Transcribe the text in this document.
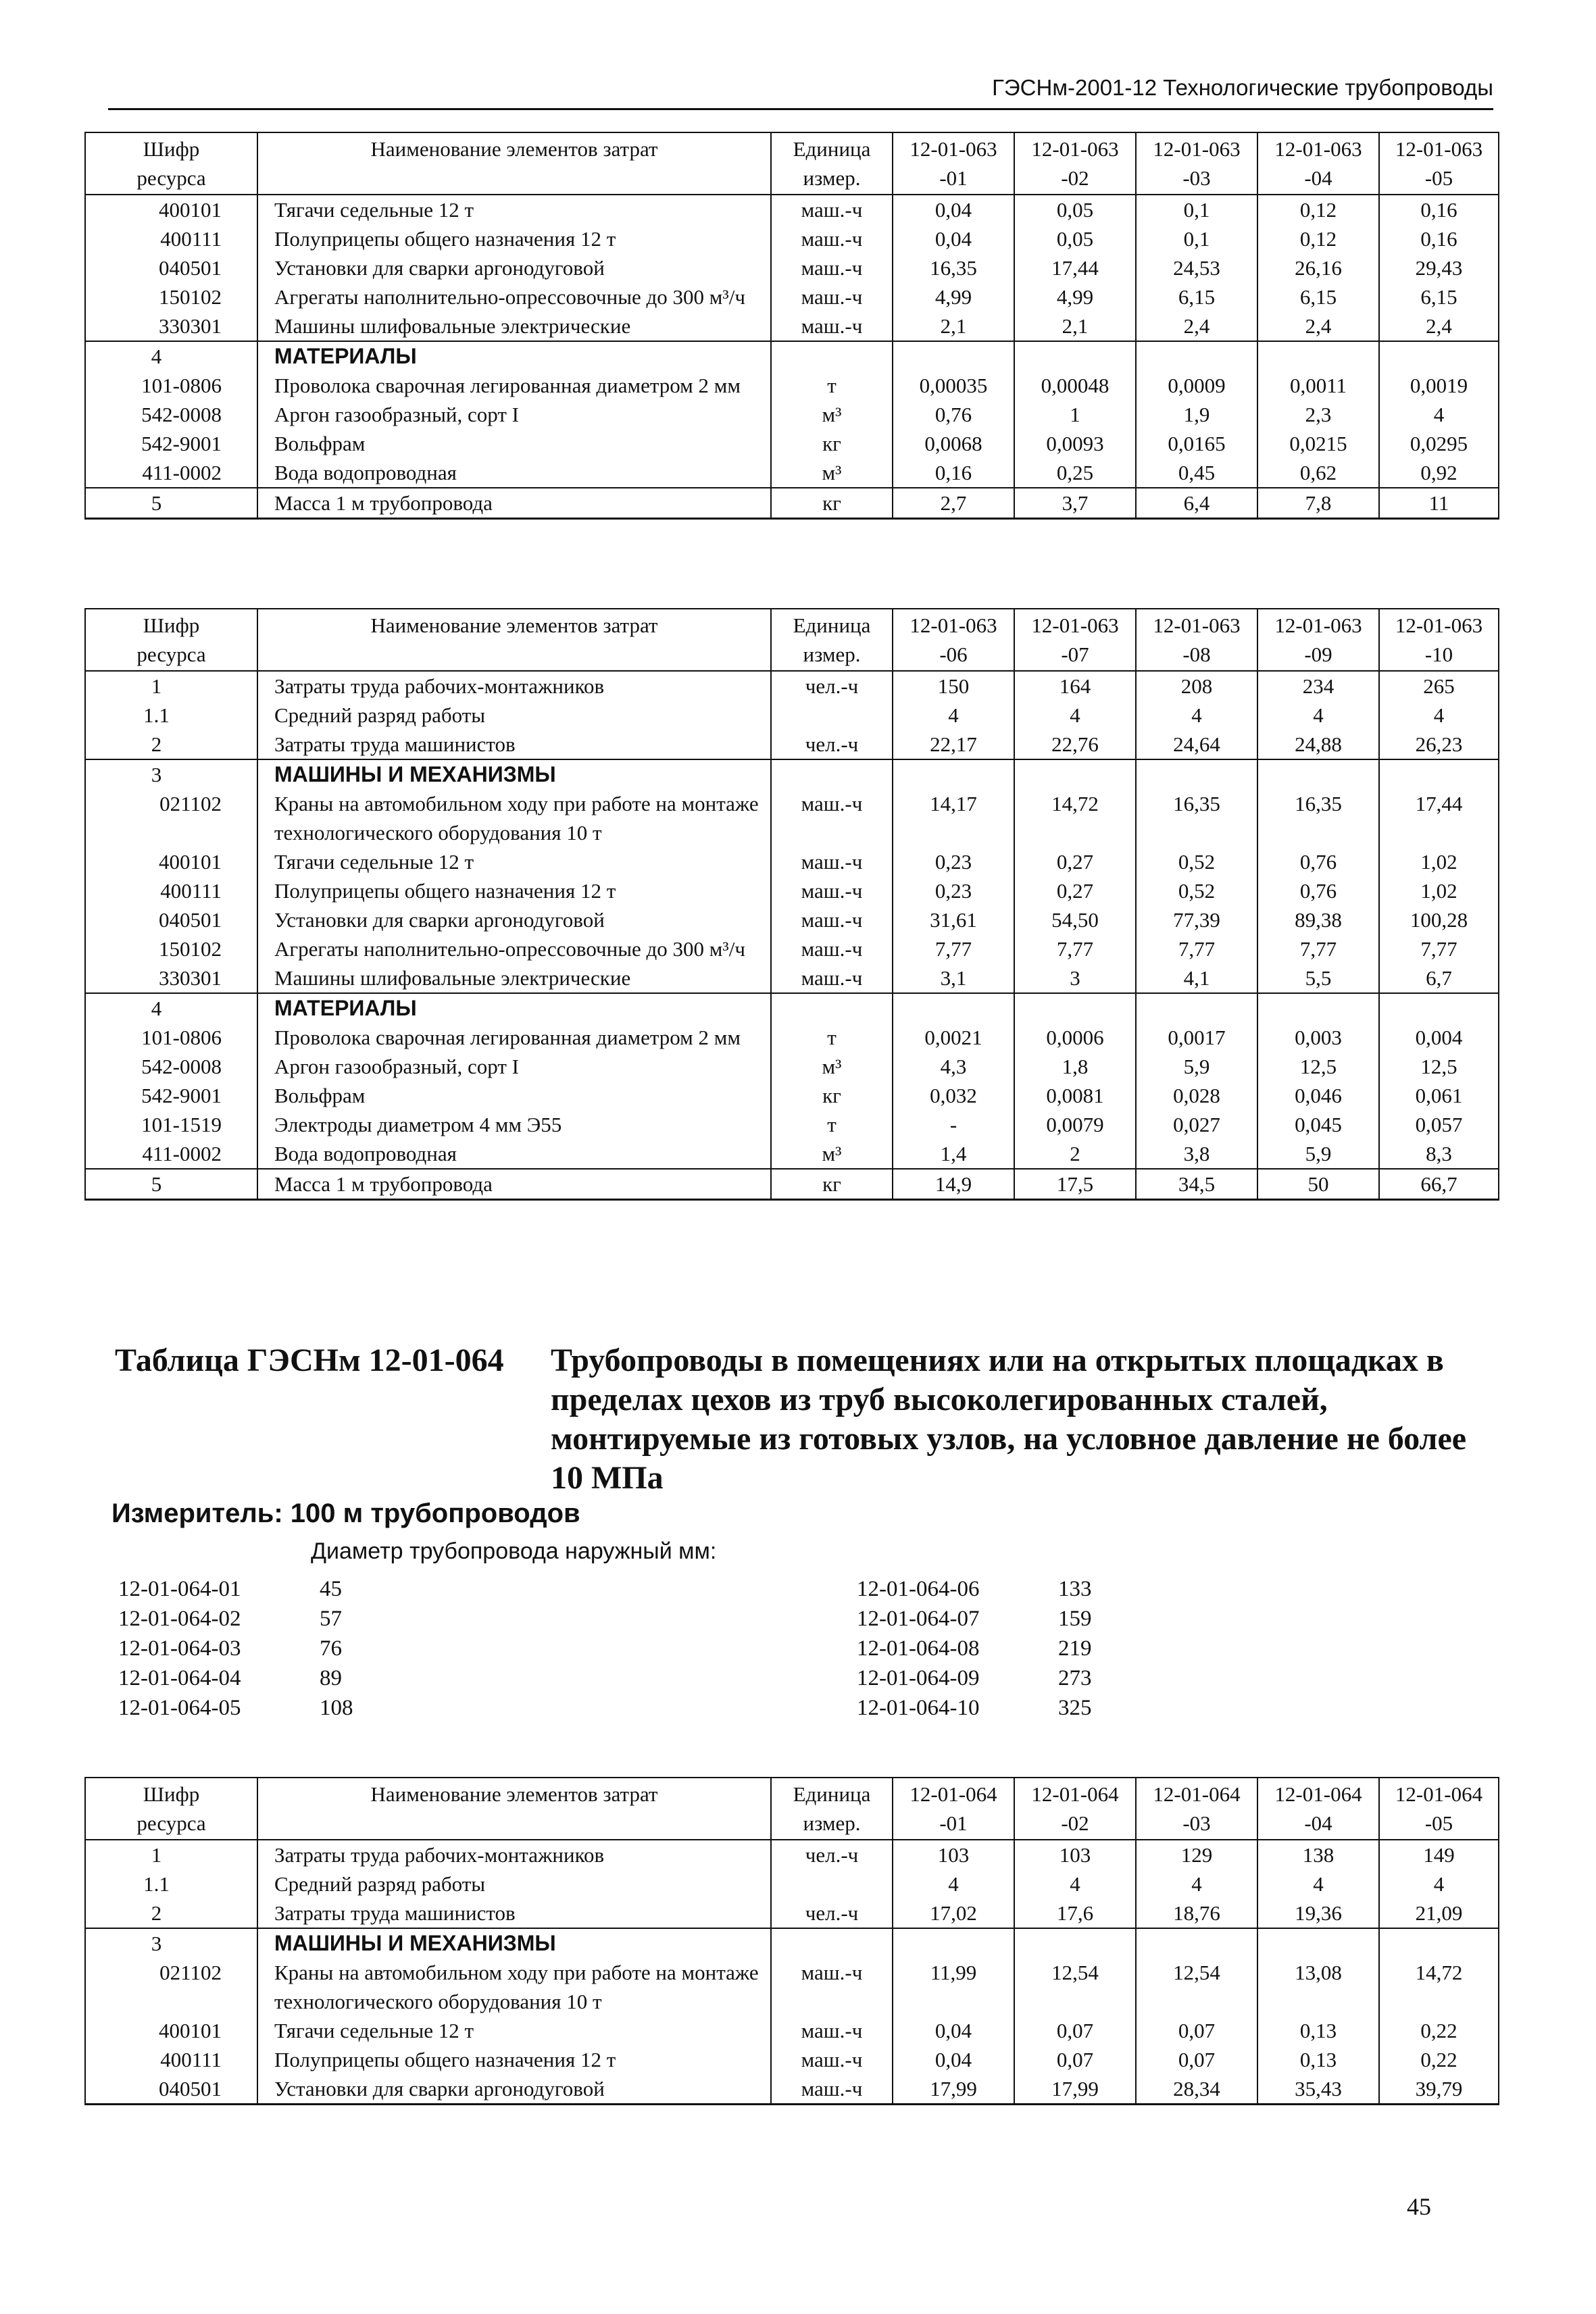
ГЭСНм-2001-12 Технологические трубопроводы
Шифр ресурса	Наименование элементов затрат	Единица измер.	12-01-063-01	12-01-063-02	12-01-063-03	12-01-063-04	12-01-063-05
400101	Тягачи седельные 12 т	маш.-ч	0,04	0,05	0,1	0,12	0,16
400111	Полуприцепы общего назначения 12 т	маш.-ч	0,04	0,05	0,1	0,12	0,16
040501	Установки для сварки аргонодуговой	маш.-ч	16,35	17,44	24,53	26,16	29,43
150102	Агрегаты наполнительно-опрессовочные до 300 м³/ч	маш.-ч	4,99	4,99	6,15	6,15	6,15
330301	Машины шлифовальные электрические	маш.-ч	2,1	2,1	2,4	2,4	2,4
4	МАТЕРИАЛЫ						
101-0806	Проволока сварочная легированная диаметром 2 мм	т	0,00035	0,00048	0,0009	0,0011	0,0019
542-0008	Аргон газообразный, сорт I	м³	0,76	1	1,9	2,3	4
542-9001	Вольфрам	кг	0,0068	0,0093	0,0165	0,0215	0,0295
411-0002	Вода водопроводная	м³	0,16	0,25	0,45	0,62	0,92
5	Масса 1 м трубопровода	кг	2,7	3,7	6,4	7,8	11
Шифр ресурса	Наименование элементов затрат	Единица измер.	12-01-063-06	12-01-063-07	12-01-063-08	12-01-063-09	12-01-063-10
1	Затраты труда рабочих-монтажников	чел.-ч	150	164	208	234	265
1.1	Средний разряд работы		4	4	4	4	4
2	Затраты труда машинистов	чел.-ч	22,17	22,76	24,64	24,88	26,23
3	МАШИНЫ И МЕХАНИЗМЫ						
021102	Краны на автомобильном ходу при работе на монтаже технологического оборудования 10 т	маш.-ч	14,17	14,72	16,35	16,35	17,44
400101	Тягачи седельные 12 т	маш.-ч	0,23	0,27	0,52	0,76	1,02
400111	Полуприцепы общего назначения 12 т	маш.-ч	0,23	0,27	0,52	0,76	1,02
040501	Установки для сварки аргонодуговой	маш.-ч	31,61	54,50	77,39	89,38	100,28
150102	Агрегаты наполнительно-опрессовочные до 300 м³/ч	маш.-ч	7,77	7,77	7,77	7,77	7,77
330301	Машины шлифовальные электрические	маш.-ч	3,1	3	4,1	5,5	6,7
4	МАТЕРИАЛЫ						
101-0806	Проволока сварочная легированная диаметром 2 мм	т	0,0021	0,0006	0,0017	0,003	0,004
542-0008	Аргон газообразный, сорт I	м³	4,3	1,8	5,9	12,5	12,5
542-9001	Вольфрам	кг	0,032	0,0081	0,028	0,046	0,061
101-1519	Электроды диаметром 4 мм Э55	т	-	0,0079	0,027	0,045	0,057
411-0002	Вода водопроводная	м³	1,4	2	3,8	5,9	8,3
5	Масса 1 м трубопровода	кг	14,9	17,5	34,5	50	66,7
Таблица ГЭСНм 12-01-064 Трубопроводы в помещениях или на открытых площадках в пределах цехов из труб высоколегированных сталей, монтируемые из готовых узлов, на условное давление не более 10 МПа
Измеритель: 100 м трубопроводов
Диаметр трубопровода наружный мм:
12-01-064-01	45
12-01-064-02	57
12-01-064-03	76
12-01-064-04	89
12-01-064-05	108
12-01-064-06	133
12-01-064-07	159
12-01-064-08	219
12-01-064-09	273
12-01-064-10	325
Шифр ресурса	Наименование элементов затрат	Единица измер.	12-01-064-01	12-01-064-02	12-01-064-03	12-01-064-04	12-01-064-05
1	Затраты труда рабочих-монтажников	чел.-ч	103	103	129	138	149
1.1	Средний разряд работы		4	4	4	4	4
2	Затраты труда машинистов	чел.-ч	17,02	17,6	18,76	19,36	21,09
3	МАШИНЫ И МЕХАНИЗМЫ						
021102	Краны на автомобильном ходу при работе на монтаже технологического оборудования 10 т	маш.-ч	11,99	12,54	12,54	13,08	14,72
400101	Тягачи седельные 12 т	маш.-ч	0,04	0,07	0,07	0,13	0,22
400111	Полуприцепы общего назначения 12 т	маш.-ч	0,04	0,07	0,07	0,13	0,22
040501	Установки для сварки аргонодуговой	маш.-ч	17,99	17,99	28,34	35,43	39,79
45
